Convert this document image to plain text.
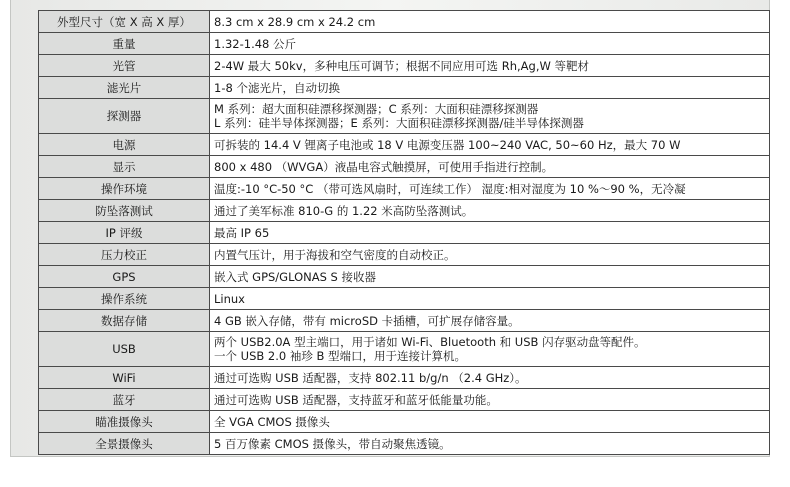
外型尺寸（宽 X 高 X 厚）	8.3 cm x 28.9 cm x 24.2 cm

重量	1.32-1.48 公斤

光管	2-4W 最大 50kv，多种电压可调节；根据不同应用可选 Rh,Ag,W 等靶材

滤光片	1-8 个滤光片，自动切换

探测器	M 系列：超大面积硅漂移探测器；C 系列：大面积硅漂移探测器
L 系列：硅半导体探测器；E 系列：大面积硅漂移探测器/硅半导体探测器

电源	可拆装的 14.4 V 锂离子电池或 18 V 电源变压器 100~240 VAC, 50~60 Hz，最大 70 W

显示	800 x 480 （WVGA）液晶电容式触摸屏，可使用手指进行控制。

操作环境	温度:-10 °C-50 °C （带可选风扇时，可连续工作） 湿度:相对湿度为 10 %～90 %，无冷凝

防坠落测试	通过了美军标准 810-G 的 1.22 米高防坠落测试。

IP 评级	最高 IP 65

压力校正	内置气压计，用于海拔和空气密度的自动校正。

GPS	嵌入式 GPS/GLONAS S 接收器

操作系统	Linux

数据存储	4 GB 嵌入存储，带有 microSD 卡插槽，可扩展存储容量。

USB	两个 USB2.0A 型主端口，用于诸如 Wi-Fi、Bluetooth 和 USB 闪存驱动盘等配件。
一个 USB 2.0 袖珍 B 型端口，用于连接计算机。

WiFi	通过可选购 USB 适配器，支持 802.11 b/g/n （2.4 GHz）。

蓝牙	通过可选购 USB 适配器，支持蓝牙和蓝牙低能量功能。

瞄准摄像头	全 VGA CMOS 摄像头

全景摄像头	5 百万像素 CMOS 摄像头，带自动聚焦透镜。
